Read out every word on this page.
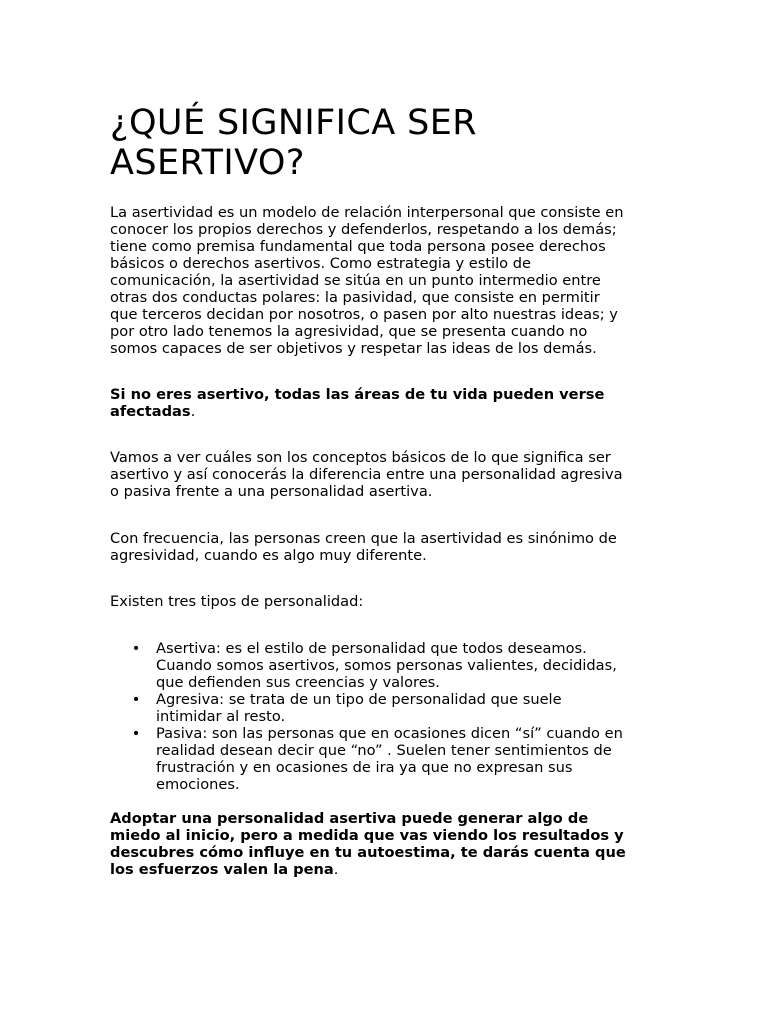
¿QUÉ SIGNIFICA SER
ASERTIVO?
La asertividad es un modelo de relación interpersonal que consiste en
conocer los propios derechos y defenderlos, respetando a los demás;
tiene como premisa fundamental que toda persona posee derechos
básicos o derechos asertivos. Como estrategia y estilo de
comunicación, la asertividad se sitúa en un punto intermedio entre
otras dos conductas polares: la pasividad, que consiste en permitir
que terceros decidan por nosotros, o pasen por alto nuestras ideas; y
por otro lado tenemos la agresividad, que se presenta cuando no
somos capaces de ser objetivos y respetar las ideas de los demás.
Si no eres asertivo, todas las áreas de tu vida pueden verse
afectadas.
Vamos a ver cuáles son los conceptos básicos de lo que significa ser
asertivo y así conocerás la diferencia entre una personalidad agresiva
o pasiva frente a una personalidad asertiva.
Con frecuencia, las personas creen que la asertividad es sinónimo de
agresividad, cuando es algo muy diferente.
Existen tres tipos de personalidad:
• Asertiva: es el estilo de personalidad que todos deseamos.
Cuando somos asertivos, somos personas valientes, decididas,
que defienden sus creencias y valores.
• Agresiva: se trata de un tipo de personalidad que suele
intimidar al resto.
• Pasiva: son las personas que en ocasiones dicen “sí” cuando en
realidad desean decir que “no” . Suelen tener sentimientos de
frustración y en ocasiones de ira ya que no expresan sus
emociones.
Adoptar una personalidad asertiva puede generar algo de
miedo al inicio, pero a medida que vas viendo los resultados y
descubres cómo influye en tu autoestima, te darás cuenta que
los esfuerzos valen la pena.
